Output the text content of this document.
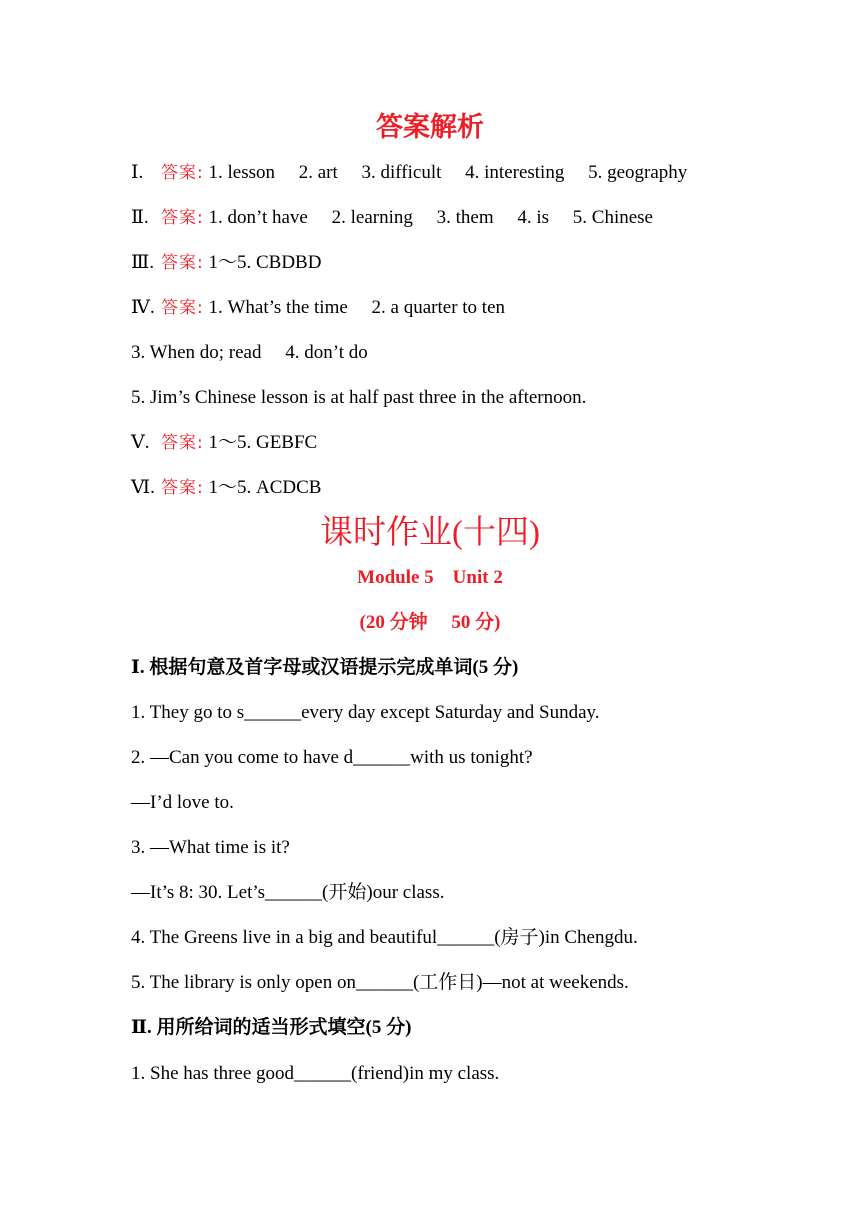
答案解析
Ⅰ. 答案: 1. lesson  2. art  3. difficult  4. interesting  5. geography
Ⅱ. 答案: 1. don’t have  2. learning  3. them  4. is  5. Chinese
Ⅲ. 答案: 1～5. CBDBD
Ⅳ. 答案: 1. What’s the time  2. a quarter to ten
3. When do; read  4. don’t do
5. Jim’s Chinese lesson is at half past three in the afternoon.
Ⅴ. 答案: 1～5. GEBFC
Ⅵ. 答案: 1～5. ACDCB
课时作业(十四)
Module 5 Unit 2
(20 分钟  50 分)
Ⅰ. 根据句意及首字母或汉语提示完成单词(5 分)
1. They go to s______every day except Saturday and Sunday.
2. —Can you come to have d______with us tonight?
—I’d love to.
3. —What time is it?
—It’s 8: 30. Let’s______(开始)our class.
4. The Greens live in a big and beautiful______(房子)in Chengdu.
5. The library is only open on______(工作日)—not at weekends.
Ⅱ. 用所给词的适当形式填空(5 分)
1. She has three good______(friend)in my class.
